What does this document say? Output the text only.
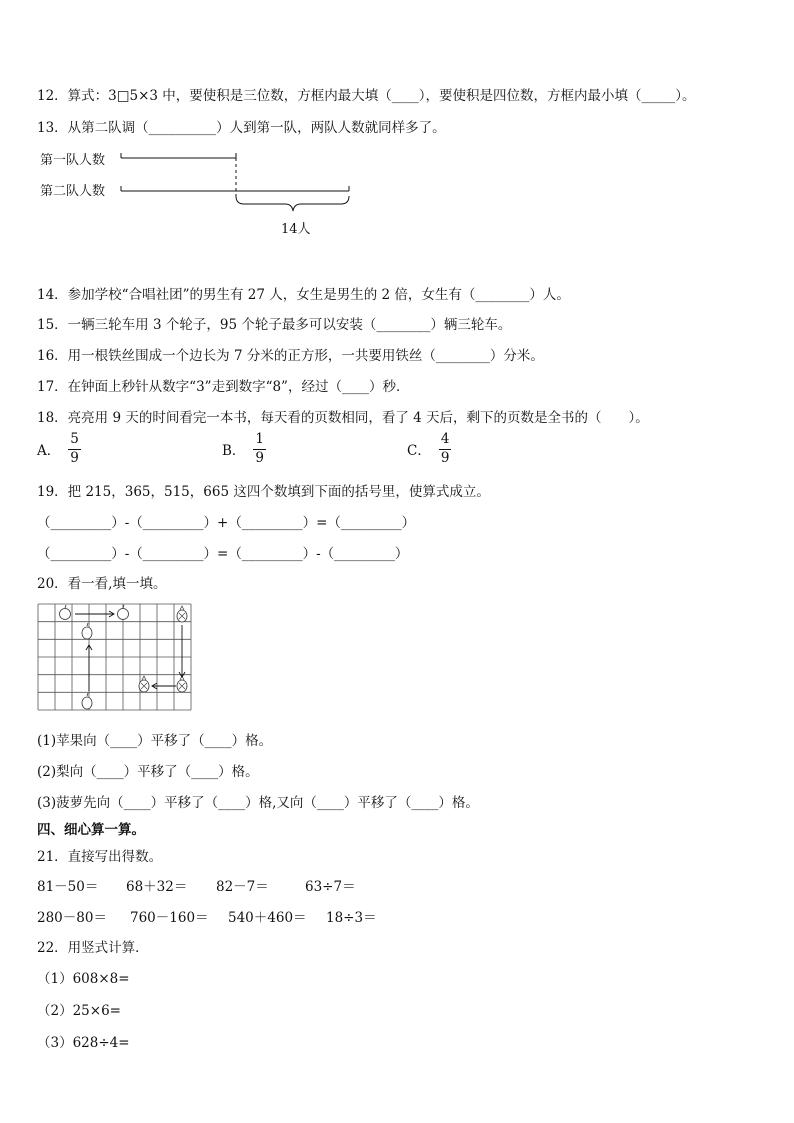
12．算式：3□5×3 中，要使积是三位数，方框内最大填（____），要使积是四位数，方框内最小填（_____）。
13．从第二队调（__________）人到第一队，两队人数就同样多了。
第一队人数
第二队人数
14人
14．参加学校“合唱社团”的男生有 27 人，女生是男生的 2 倍，女生有（________）人。
15．一辆三轮车用 3 个轮子，95 个轮子最多可以安装（________）辆三轮车。
16．用一根铁丝围成一个边长为 7 分米的正方形，一共要用铁丝（________）分米。
17．在钟面上秒针从数字“3”走到数字“8”，经过（____）秒．
18．亮亮用 9 天的时间看完一本书，每天看的页数相同，看了 4 天后，剩下的页数是全书的（　　）。
A． $\frac{5}{9}$	B． $\frac{1}{9}$	C． $\frac{4}{9}$
19．把 215，365，515，665 这四个数填到下面的括号里，使算式成立。
（_________）-（_________）+（_________）=（_________）
（_________）-（_________）=（_________）-（_________）
20．看一看,填一填。
(1)苹果向（____）平移了（____）格。
(2)梨向（____）平移了（____）格。
(3)菠萝先向（____）平移了（____）格,又向（____）平移了（____）格。
四、细心算一算。
21．直接写出得数。
81－50＝ 68＋32＝ 82－7＝	63÷7＝
280－80＝ 760－160＝ 540＋460＝ 18÷3＝
22．用竖式计算．
（1）608×8=
（2）25×6=
（3）628÷4=
